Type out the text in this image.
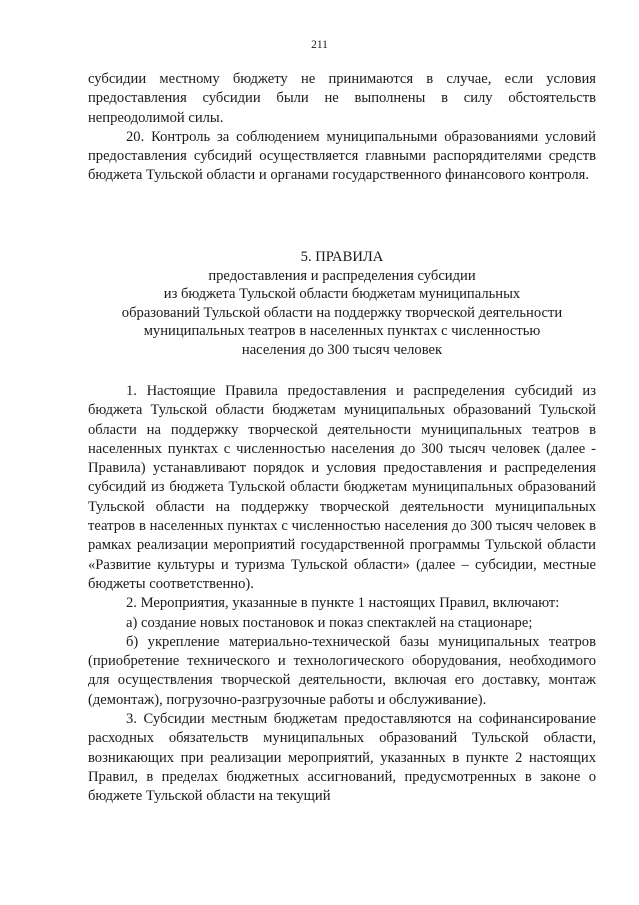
211

субсидии местному бюджету не принимаются в случае, если условия предоставления субсидии были не выполнены в силу обстоятельств непреодолимой силы.

20. Контроль за соблюдением муниципальными образованиями условий предоставления субсидий осуществляется главными распорядителями средств бюджета Тульской области и органами государственного финансового контроля.

5. ПРАВИЛА
предоставления и распределения субсидии
из бюджета Тульской области бюджетам муниципальных
образований Тульской области на поддержку творческой деятельности
муниципальных театров в населенных пунктах с численностью
населения до 300 тысяч человек

1. Настоящие Правила предоставления и распределения субсидий из бюджета Тульской области бюджетам муниципальных образований Тульской области на поддержку творческой деятельности муниципальных театров в населенных пунктах с численностью населения до 300 тысяч человек (далее - Правила) устанавливают порядок и условия предоставления и распределения субсидий из бюджета Тульской области бюджетам муниципальных образований Тульской области на поддержку творческой деятельности муниципальных театров в населенных пунктах с численностью населения до 300 тысяч человек в рамках реализации мероприятий государственной программы Тульской области «Развитие культуры и туризма Тульской области» (далее – субсидии, местные бюджеты соответственно).

2. Мероприятия, указанные в пункте 1 настоящих Правил, включают:

а) создание новых постановок и показ спектаклей на стационаре;

б) укрепление материально-технической базы муниципальных театров (приобретение технического и технологического оборудования, необходимого для осуществления творческой деятельности, включая его доставку, монтаж (демонтаж), погрузочно-разгрузочные работы и обслуживание).

3. Субсидии местным бюджетам предоставляются на софинансирование расходных обязательств муниципальных образований Тульской области, возникающих при реализации мероприятий, указанных в пункте 2 настоящих Правил, в пределах бюджетных ассигнований, предусмотренных в законе о бюджете Тульской области на текущий
